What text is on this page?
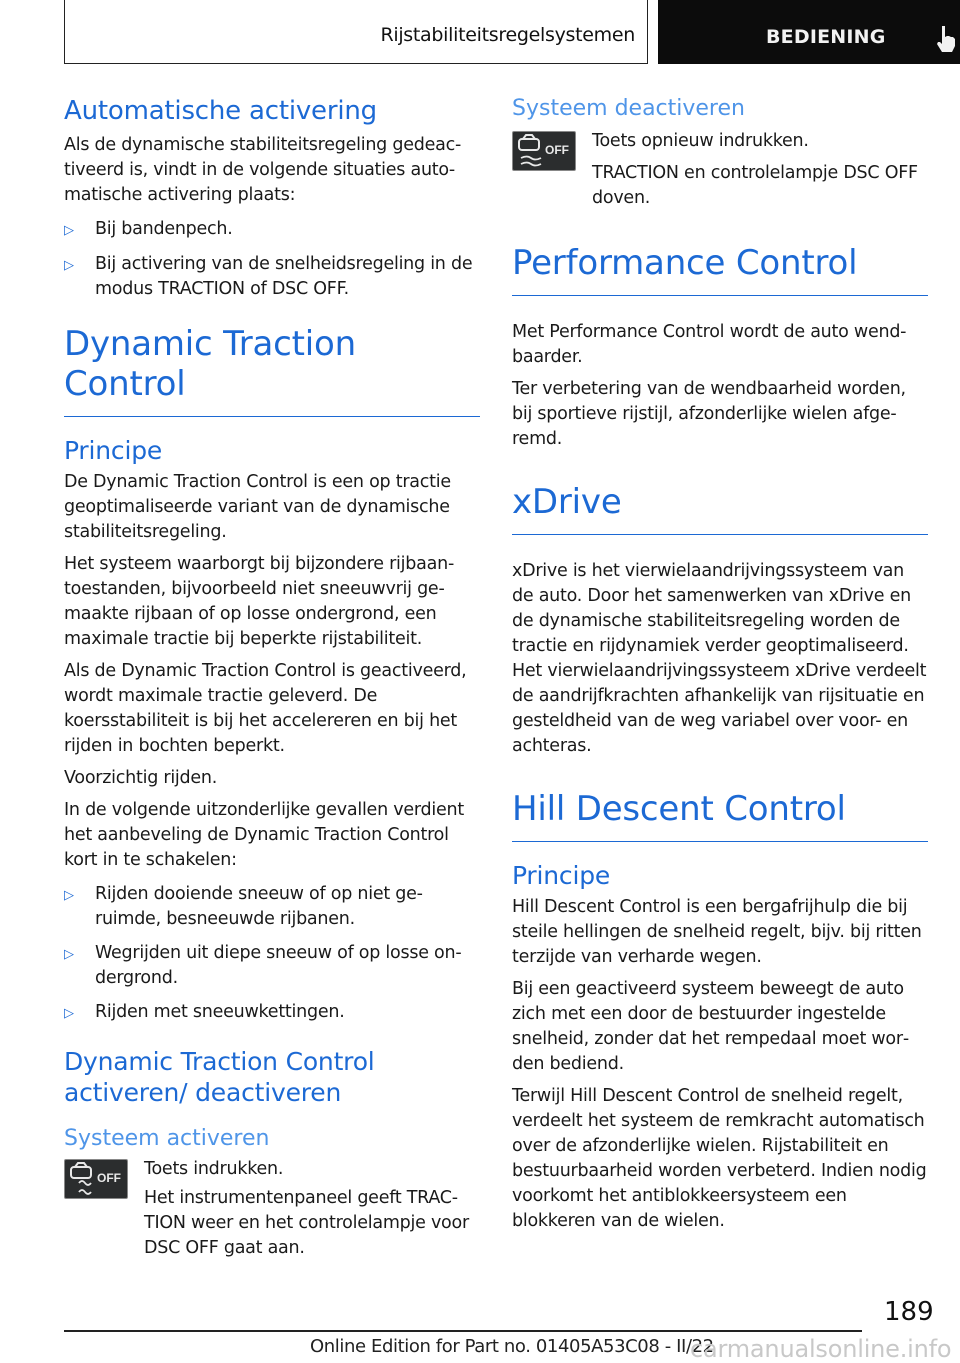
Rijstabiliteitsregelsystemen	BEDIENING
Automatische activering

Als de dynamische stabiliteitsregeling gedeactiveerd is, vindt in de volgende situaties automatische activering plaats:

▷	Bij bandenpech.
▷	Bij activering van de snelheidsregeling in de modus TRACTION of DSC OFF.
Dynamic Traction Control
Principe

De Dynamic Traction Control is een op tractie geoptimaliseerde variant van de dynamische stabiliteitsregeling.

Het systeem waarborgt bij bijzondere rijbaantoestanden, bijvoorbeeld niet sneeuwvrij gemaakte rijbaan of op losse ondergrond, een maximale tractie bij beperkte rijstabiliteit.

Als de Dynamic Traction Control is geactiveerd, wordt maximale tractie geleverd. De koersstabiliteit is bij het accelereren en bij het rijden in bochten beperkt.

Voorzichtig rijden.

In de volgende uitzonderlijke gevallen verdient het aanbeveling de Dynamic Traction Control kort in te schakelen:

▷	Rijden dooiende sneeuw of op niet geruimde, besneeuwde rijbanen.
▷	Wegrijden uit diepe sneeuw of op losse ondergrond.
▷	Rijden met sneeuwkettingen.
Dynamic Traction Control activeren/ deactiveren
Systeem activeren
OFF	Toets indrukken.

Het instrumentenpaneel geeft TRACTION weer en het controlelampje voor DSC OFF gaat aan.

Systeem deactiveren
OFF	Toets opnieuw indrukken.

TRACTION en controlelampje DSC OFF doven.

Performance Control

Met Performance Control wordt de auto wendbaarder.

Ter verbetering van de wendbaarheid worden, bij sportieve rijstijl, afzonderlijke wielen afgeremd.

xDrive

xDrive is het vierwielaandrijvingssysteem van de auto. Door het samenwerken van xDrive en de dynamische stabiliteitsregeling worden de tractie en rijdynamiek verder geoptimaliseerd. Het vierwielaandrijvingssysteem xDrive verdeelt de aandrijfkrachten afhankelijk van rijsituatie en gesteldheid van de weg variabel over voor- en achteras.

Hill Descent Control
Principe

Hill Descent Control is een bergafrijhulp die bij steile hellingen de snelheid regelt, bijv. bij ritten terzijde van verharde wegen.

Bij een geactiveerd systeem beweegt de auto zich met een door de bestuurder ingestelde snelheid, zonder dat het rempedaal moet worden bediend.

Terwijl Hill Descent Control de snelheid regelt, verdeelt het systeem de remkracht automatisch over de afzonderlijke wielen. Rijstabiliteit en bestuurbaarheid worden verbeterd. Indien nodig voorkomt het antiblokkeersysteem een blokkeren van de wielen.

189
Online Edition for Part no. 01405A53C08 - II/22
carmanualsonline.info
